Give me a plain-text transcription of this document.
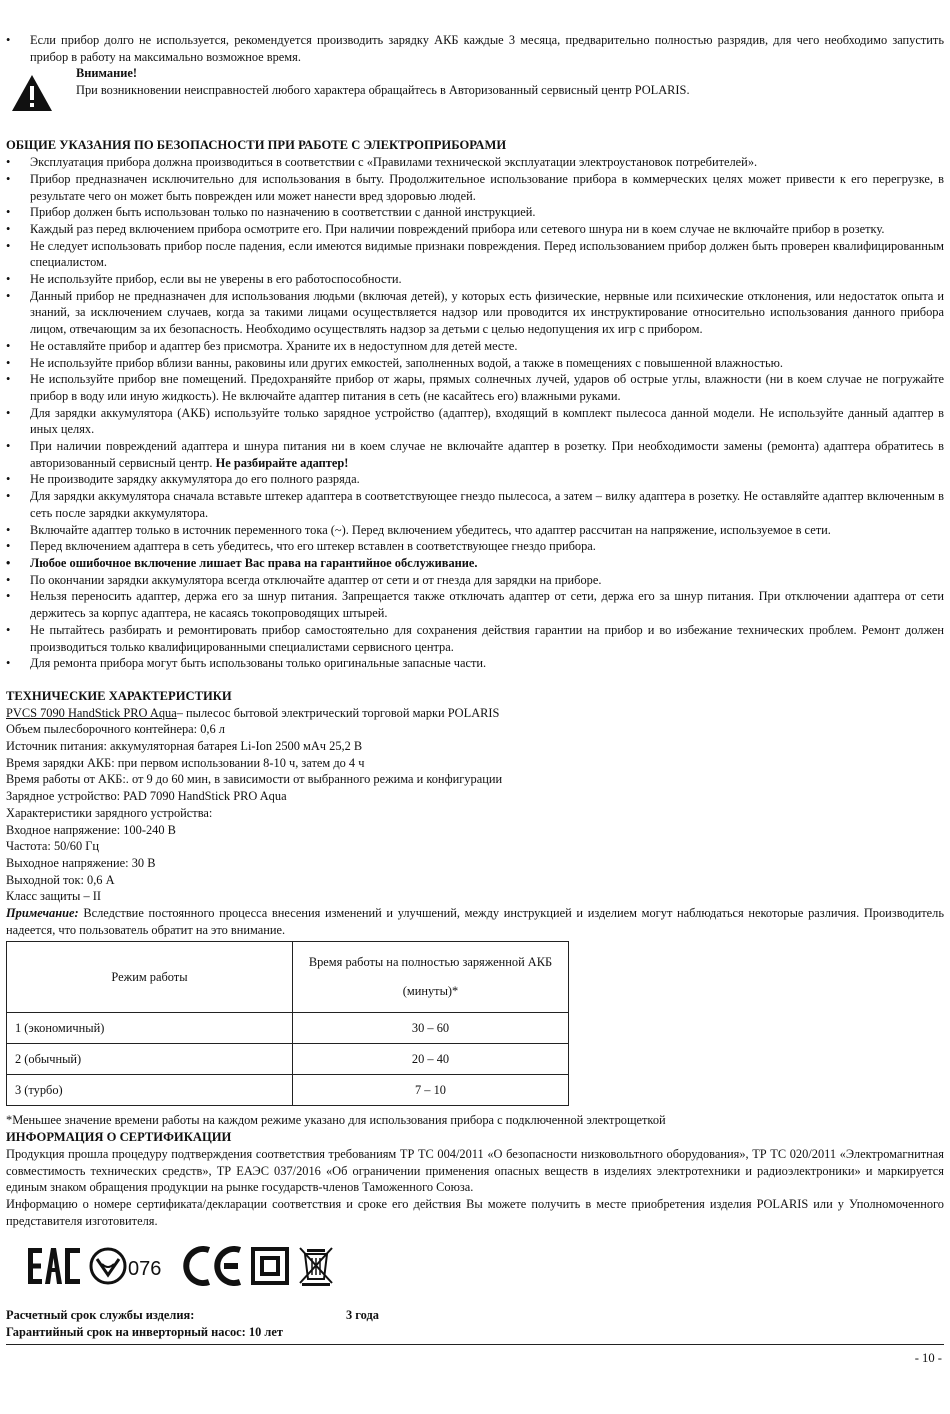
• Если прибор долго не используется, рекомендуется производить зарядку АКБ каждые 3 месяца, предварительно полностью разрядив, для чего необходимо запустить прибор в работу на максимально возможное время.
Внимание!
При возникновении неисправностей любого характера обращайтесь в Авторизованный сервисный центр POLARIS.
ОБЩИЕ УКАЗАНИЯ ПО БЕЗОПАСНОСТИ ПРИ РАБОТЕ С ЭЛЕКТРОПРИБОРАМИ
• Эксплуатация прибора должна производиться в соответствии с «Правилами технической эксплуатации электроустановок потребителей».
• Прибор предназначен исключительно для использования в быту. Продолжительное использование прибора в коммерческих целях может привести к его перегрузке, в результате чего он может быть поврежден или может нанести вред здоровью людей.
• Прибор должен быть использован только по назначению в соответствии с данной инструкцией.
• Каждый раз перед включением прибора осмотрите его. При наличии повреждений прибора или сетевого шнура ни в коем случае не включайте прибор в розетку.
• Не следует использовать прибор после падения, если имеются видимые признаки повреждения. Перед использованием прибор должен быть проверен квалифицированным специалистом.
• Не используйте прибор, если вы не уверены в его работоспособности.
• Данный прибор не предназначен для использования людьми (включая детей), у которых есть физические, нервные или психические отклонения, или недостаток опыта и знаний, за исключением случаев, когда за такими лицами осуществляется надзор или проводится их инструктирование относительно использования данного прибора лицом, отвечающим за их безопасность. Необходимо осуществлять надзор за детьми с целью недопущения их игр с прибором.
• Не оставляйте прибор и адаптер без присмотра. Храните их в недоступном для детей месте.
• Не используйте прибор вблизи ванны, раковины или других емкостей, заполненных водой, а также в помещениях с повышенной влажностью.
• Не используйте прибор вне помещений. Предохраняйте прибор от жары, прямых солнечных лучей, ударов об острые углы, влажности (ни в коем случае не погружайте прибор в воду или иную жидкость). Не включайте адаптер питания в сеть (не касайтесь его) влажными руками.
• Для зарядки аккумулятора (АКБ) используйте только зарядное устройство (адаптер), входящий в комплект пылесоса данной модели. Не используйте данный адаптер в иных целях.
• При наличии повреждений адаптера и шнура питания ни в коем случае не включайте адаптер в розетку. При необходимости замены (ремонта) адаптера обратитесь в авторизованный сервисный центр. Не разбирайте адаптер!
• Не производите зарядку аккумулятора до его полного разряда.
• Для зарядки аккумулятора сначала вставьте штекер адаптера в соответствующее гнездо пылесоса, а затем – вилку адаптера в розетку. Не оставляйте адаптер включенным в сеть после зарядки аккумулятора.
• Включайте адаптер только в источник переменного тока (~). Перед включением убедитесь, что адаптер рассчитан на напряжение, используемое в сети.
• Перед включением адаптера в сеть убедитесь, что его штекер вставлен в соответствующее гнездо прибора.
• Любое ошибочное включение лишает Вас права на гарантийное обслуживание.
• По окончании зарядки аккумулятора всегда отключайте адаптер от сети и от гнезда для зарядки на приборе.
• Нельзя переносить адаптер, держа его за шнур питания. Запрещается также отключать адаптер от сети, держа его за шнур питания. При отключении адаптера от сети держитесь за корпус адаптера, не касаясь токопроводящих штырей.
• Не пытайтесь разбирать и ремонтировать прибор самостоятельно для сохранения действия гарантии на прибор и во избежание технических проблем. Ремонт должен производиться только квалифицированными специалистами сервисного центра.
• Для ремонта прибора могут быть использованы только оригинальные запасные части.
ТЕХНИЧЕСКИЕ ХАРАКТЕРИСТИКИ

PVCS 7090 HandStick PRO Aqua– пылесос бытовой электрический торговой марки POLARIS

Объем пылесборочного контейнера: 0,6 л

Источник питания: аккумуляторная батарея Li-Ion 2500 мАч 25,2 В

Время зарядки АКБ: при первом использовании 8-10 ч, затем до 4 ч

Время работы от АКБ:. от 9 до 60 мин, в зависимости от выбранного режима и конфигурации

Зарядное устройство: PAD 7090 HandStick PRO Aqua

Характеристики зарядного устройства:

Входное напряжение: 100-240 В

Частота: 50/60 Гц

Выходное напряжение: 30 В

Выходной ток: 0,6 А

Класс защиты – II

Примечание: Вследствие постоянного процесса внесения изменений и улучшений, между инструкцией и изделием могут наблюдаться некоторые различия. Производитель надеется, что пользователь обратит на это внимание.

Режим работы	Время работы на полностью заряженной АКБ (минуты)*
1 (экономичный)	30 – 60
2 (обычный)	20 – 40
3 (турбо)	7 – 10

*Меньшее значение времени работы на каждом режиме указано для использования прибора с подключенной электрощеткой

ИНФОРМАЦИЯ О СЕРТИФИКАЦИИ

Продукция прошла процедуру подтверждения соответствия требованиям ТР ТС 004/2011 «О безопасности низковольтного оборудования», ТР ТС 020/2011 «Электромагнитная совместимость технических средств», ТР ЕАЭС 037/2016 «Об ограничении применения опасных веществ в изделиях электротехники и радиоэлектроники» и маркируется единым знаком обращения продукции на рынке государств-членов Таможенного Союза.

Информацию о номере сертификата/декларации соответствия и сроке его действия Вы можете получить в месте приобретения изделия POLARIS или у Уполномоченного представителя изготовителя.

076
Расчетный срок службы изделия:	3 года

Гарантийный срок на инверторный насос: 10 лет

- 10 -
